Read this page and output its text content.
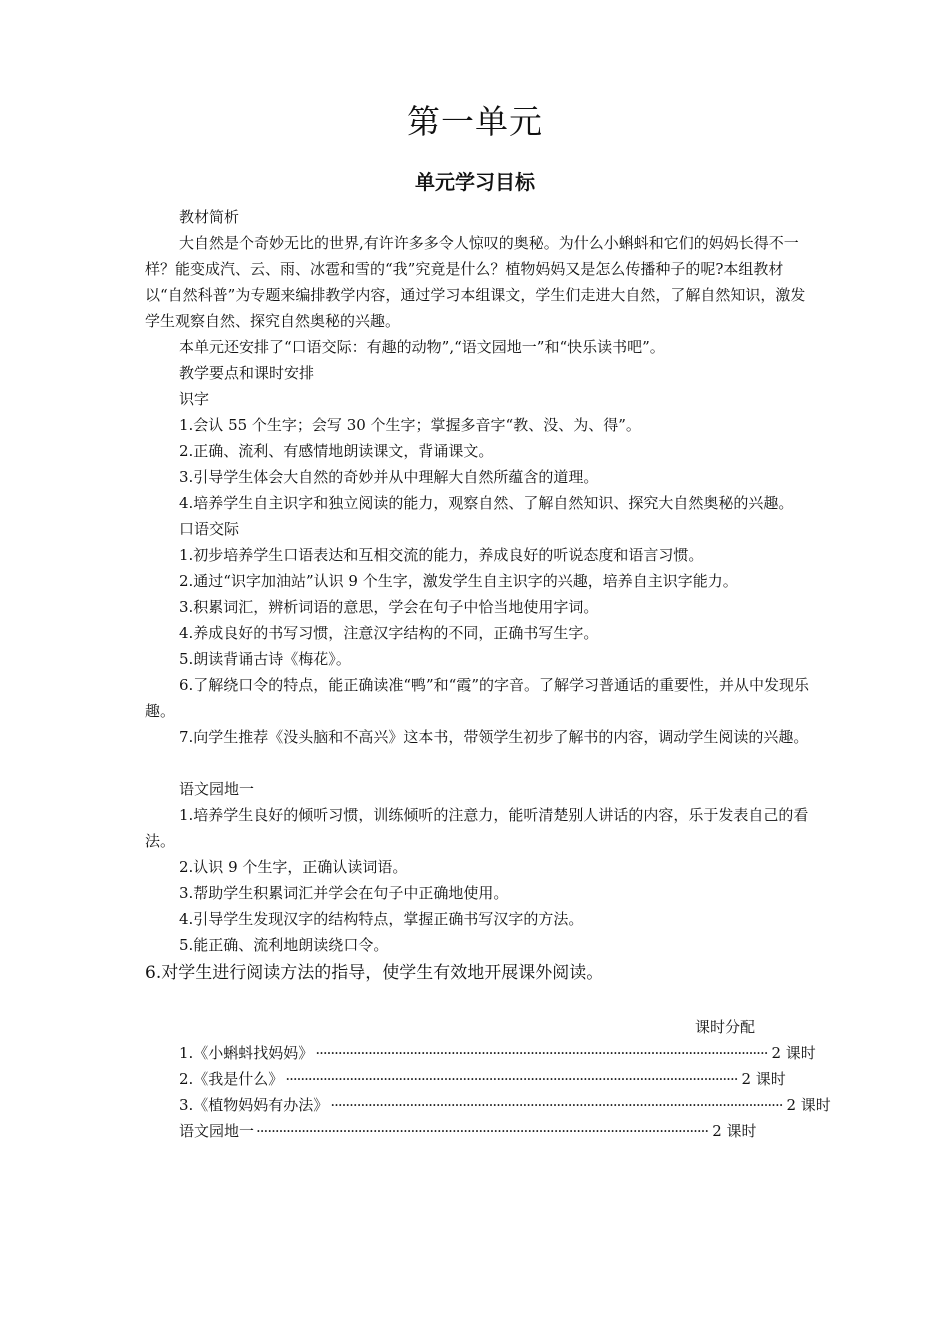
第一单元
单元学习目标

教材简析

大自然是个奇妙无比的世界,有许许多多令人惊叹的奥秘。为什么小蝌蚪和它们的妈妈长得不一样？能变成汽、云、雨、冰雹和雪的“我”究竟是什么？植物妈妈又是怎么传播种子的呢?本组教材以“自然科普”为专题来编排教学内容，通过学习本组课文，学生们走进大自然，了解自然知识，激发学生观察自然、探究自然奥秘的兴趣。

本单元还安排了“口语交际：有趣的动物”,“语文园地一”和“快乐读书吧”。

教学要点和课时安排

识字

1.会认 55 个生字；会写 30 个生字；掌握多音字“教、没、为、得”。

2.正确、流利、有感情地朗读课文，背诵课文。

3.引导学生体会大自然的奇妙并从中理解大自然所蕴含的道理。

4.培养学生自主识字和独立阅读的能力，观察自然、了解自然知识、探究大自然奥秘的兴趣。

口语交际

1.初步培养学生口语表达和互相交流的能力，养成良好的听说态度和语言习惯。

2.通过“识字加油站”认识 9 个生字，激发学生自主识字的兴趣，培养自主识字能力。

3.积累词汇，辨析词语的意思，学会在句子中恰当地使用字词。

4.养成良好的书写习惯，注意汉字结构的不同，正确书写生字。

5.朗读背诵古诗《梅花》。

6.了解绕口令的特点，能正确读准“鸭”和“霞”的字音。了解学习普通话的重要性，并从中发现乐趣。

7.向学生推荐《没头脑和不高兴》这本书，带领学生初步了解书的内容，调动学生阅读的兴趣。

语文园地一

1.培养学生良好的倾听习惯，训练倾听的注意力，能听清楚别人讲话的内容，乐于发表自己的看法。

2.认识 9 个生字，正确认读词语。

3.帮助学生积累词汇并学会在句子中正确地使用。

4.引导学生发现汉字的结构特点，掌握正确书写汉字的方法。

5.能正确、流利地朗读绕口令。

6.对学生进行阅读方法的指导，使学生有效地开展课外阅读。

课时分配
1.《小蝌蚪找妈妈》 ························································································································ 2 课时
2.《我是什么》 ························································································································ 2 课时
3.《植物妈妈有办法》 ························································································································ 2 课时
语文园地一 ························································································································ 2 课时
